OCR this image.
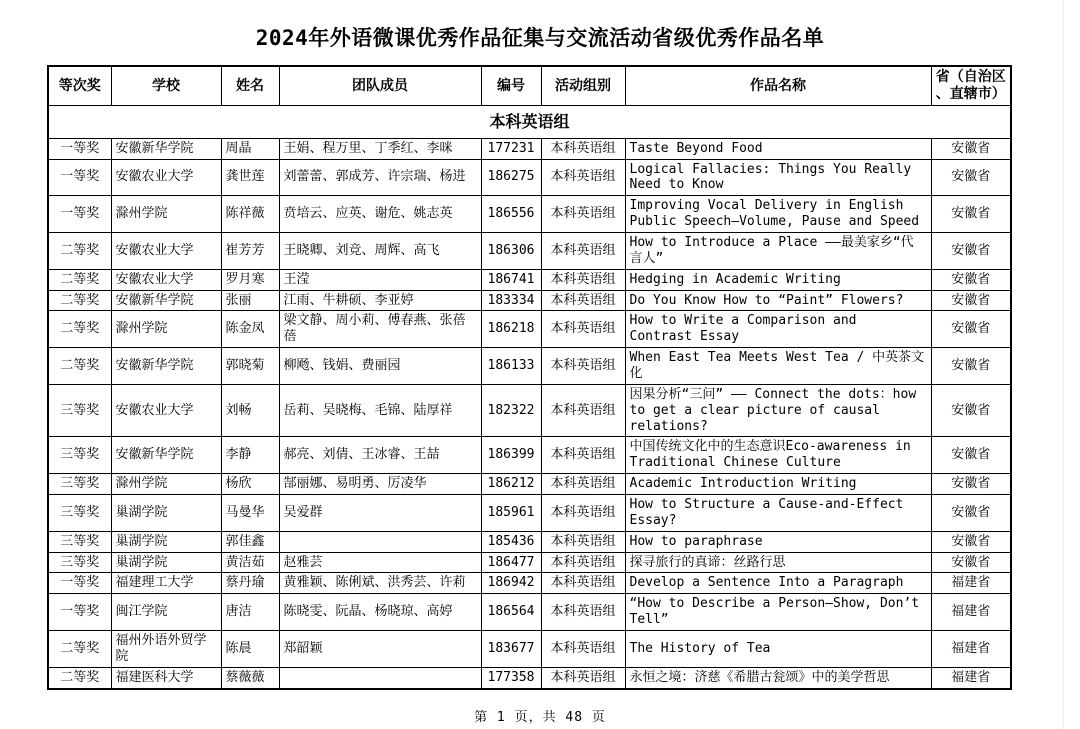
2024年外语微课优秀作品征集与交流活动省级优秀作品名单
等次奖	学校	姓名	团队成员	编号	活动组别	作品名称	省（自治区、直辖市）
本科英语组							
一等奖	安徽新华学院	周晶	王娟、程万里、丁季红、李咪	177231	本科英语组	Taste Beyond Food	安徽省
一等奖	安徽农业大学	龚世莲	刘蕾蕾、郭成芳、许宗瑞、杨进	186275	本科英语组	Logical Fallacies: Things You Really Need to Know	安徽省
一等奖	滁州学院	陈祥薇	贲培云、应英、谢危、姚志英	186556	本科英语组	Improving Vocal Delivery in English Public Speech—Volume, Pause and Speed	安徽省
二等奖	安徽农业大学	崔芳芳	王晓卿、刘竞、周辉、高飞	186306	本科英语组	How to Introduce a Place ——最美家乡“代言人”	安徽省
二等奖	安徽农业大学	罗月寒	王滢	186741	本科英语组	Hedging in Academic Writing	安徽省
二等奖	安徽新华学院	张丽	江雨、牛耕硕、李亚婷	183334	本科英语组	Do You Know How to “Paint” Flowers?	安徽省
二等奖	滁州学院	陈金凤	梁文静、周小莉、傅春燕、张蓓蓓	186218	本科英语组	How to Write a Comparison and Contrast Essay	安徽省
二等奖	安徽新华学院	郭晓菊	柳飏、钱娟、费丽园	186133	本科英语组	When East Tea Meets West Tea / 中英茶文化	安徽省
三等奖	安徽农业大学	刘畅	岳莉、吴晓梅、毛锦、陆厚祥	182322	本科英语组	因果分析“三问” —— Connect the dots：how to get a clear picture of causal relations?	安徽省
三等奖	安徽新华学院	李静	郝亮、刘倩、王冰睿、王喆	186399	本科英语组	中国传统文化中的生态意识Eco-awareness in Traditional Chinese Culture	安徽省
三等奖	滁州学院	杨欣	郜丽娜、易明勇、厉凌华	186212	本科英语组	Academic Introduction Writing	安徽省
三等奖	巢湖学院	马曼华	吴爱群	185961	本科英语组	How to Structure a Cause-and-Effect Essay?	安徽省
三等奖	巢湖学院	郭佳鑫		185436	本科英语组	How to paraphrase	安徽省
三等奖	巢湖学院	黄洁茹	赵雅芸	186477	本科英语组	探寻旅行的真谛：丝路行思	安徽省
一等奖	福建理工大学	蔡丹瑜	黄雅颖、陈俐斌、洪秀芸、许莉	186942	本科英语组	Develop a Sentence Into a Paragraph	福建省
一等奖	闽江学院	唐洁	陈晓雯、阮晶、杨晓琼、高婷	186564	本科英语组	“How to Describe a Person—Show, Don’t Tell”	福建省
二等奖	福州外语外贸学院	陈晨	郑韶颖	183677	本科英语组	The History of Tea	福建省
二等奖	福建医科大学	蔡薇薇		177358	本科英语组	永恒之境：济慈《希腊古瓮颂》中的美学哲思	福建省
第 1 页，共 48 页
